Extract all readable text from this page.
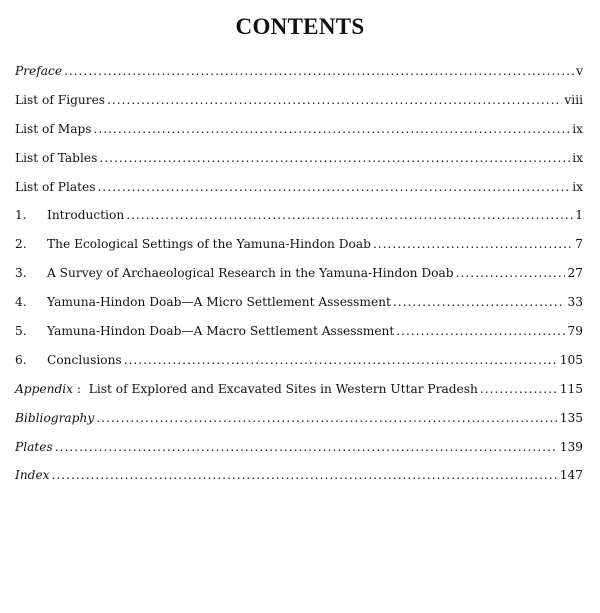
CONTENTS
Preface .....	v
List of Figures .....	viii
List of Maps .....	ix
List of Tables .....	ix
List of Plates .....	ix
1.	Introduction .....	1
2.	The Ecological Settings of the Yamuna-Hindon Doab .....	7
3.	A Survey of Archaeological Research in the Yamuna-Hindon Doab .....	27
4.	Yamuna-Hindon Doab—A Micro Settlement Assessment .....	33
5.	Yamuna-Hindon Doab—A Macro Settlement Assessment .....	79
6.	Conclusions .....	105
Appendix :  List of Explored and Excavated Sites in Western Uttar Pradesh .....	115
Bibliography .....	135
Plates .....	139
Index .....	147
